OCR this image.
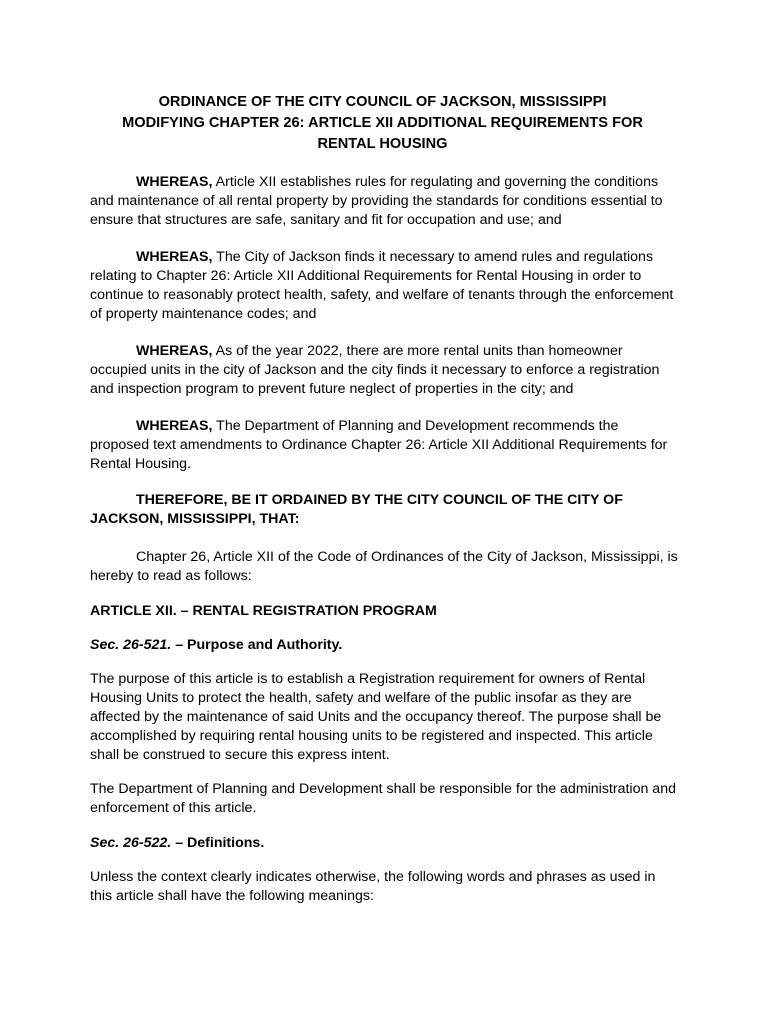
ORDINANCE OF THE CITY COUNCIL OF JACKSON, MISSISSIPPI
MODIFYING CHAPTER 26: ARTICLE XII ADDITIONAL REQUIREMENTS FOR
RENTAL HOUSING

WHEREAS, Article XII establishes rules for regulating and governing the conditions and maintenance of all rental property by providing the standards for conditions essential to ensure that structures are safe, sanitary and fit for occupation and use; and

WHEREAS, The City of Jackson finds it necessary to amend rules and regulations relating to Chapter 26: Article XII Additional Requirements for Rental Housing in order to continue to reasonably protect health, safety, and welfare of tenants through the enforcement of property maintenance codes; and

WHEREAS, As of the year 2022, there are more rental units than homeowner occupied units in the city of Jackson and the city finds it necessary to enforce a registration and inspection program to prevent future neglect of properties in the city; and

WHEREAS, The Department of Planning and Development recommends the proposed text amendments to Ordinance Chapter 26: Article XII Additional Requirements for Rental Housing.

THEREFORE, BE IT ORDAINED BY THE CITY COUNCIL OF THE CITY OF JACKSON, MISSISSIPPI, THAT:

Chapter 26, Article XII of the Code of Ordinances of the City of Jackson, Mississippi, is hereby to read as follows:

ARTICLE XII. – RENTAL REGISTRATION PROGRAM

Sec. 26-521. – Purpose and Authority.

The purpose of this article is to establish a Registration requirement for owners of Rental Housing Units to protect the health, safety and welfare of the public insofar as they are affected by the maintenance of said Units and the occupancy thereof. The purpose shall be accomplished by requiring rental housing units to be registered and inspected. This article shall be construed to secure this express intent.

The Department of Planning and Development shall be responsible for the administration and enforcement of this article.

Sec. 26-522. – Definitions.

Unless the context clearly indicates otherwise, the following words and phrases as used in this article shall have the following meanings:
